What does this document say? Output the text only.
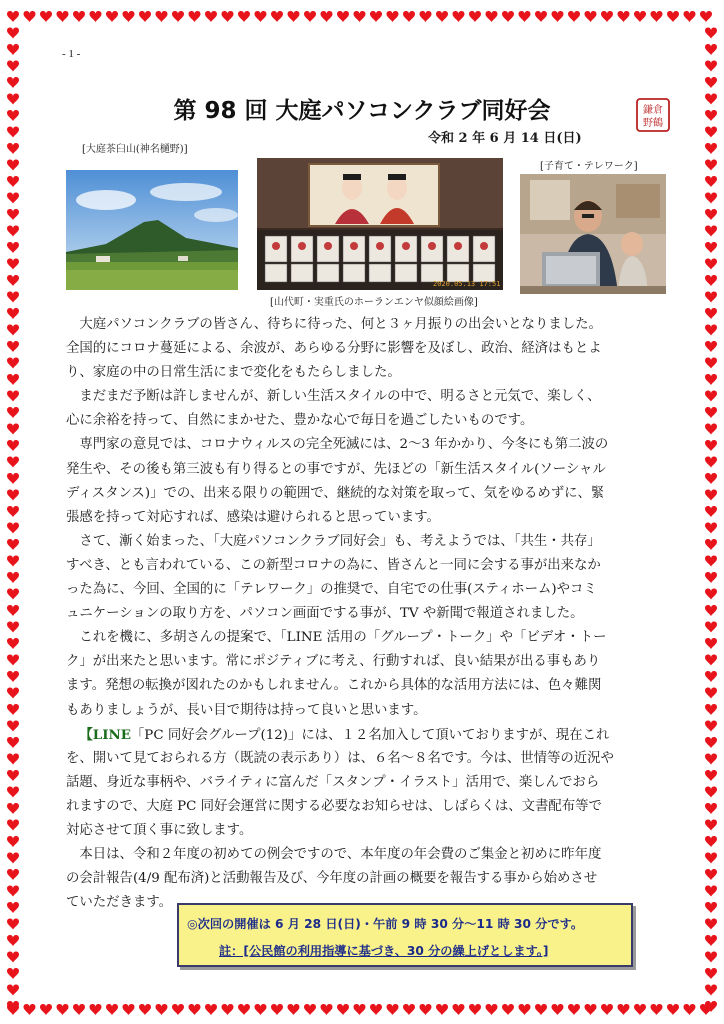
- 1 -
第 98 回 大庭パソコンクラブ同好会	鎌倉
野鶴
令和 2 年 6 月 14 日(日)
[大庭茶臼山(神名樋野)]
[子育て・テレワーク]
[山代町・実重氏のホーランエンヤ似顔絵画像]
2020.05.13 17:51
大庭パソコンクラブの皆さん、待ちに待った、何と３ヶ月振りの出会いとなりました。
全国的にコロナ蔓延による、余波が、あらゆる分野に影響を及ぼし、政治、経済はもとよ
り、家庭の中の日常生活にまで変化をもたらしました。
まだまだ予断は許しませんが、新しい生活スタイルの中で、明るさと元気で、楽しく、
心に余裕を持って、自然にまかせた、豊かな心で毎日を過ごしたいものです。
専門家の意見では、コロナウィルスの完全死滅には、2～3 年かかり、今冬にも第二波の
発生や、その後も第三波も有り得るとの事ですが、先ほどの「新生活スタイル(ソーシャル
ディスタンス)」での、出来る限りの範囲で、継続的な対策を取って、気をゆるめずに、緊
張感を持って対応すれば、感染は避けられると思っています。
さて、漸く始まった、「大庭パソコンクラブ同好会」も、考えようでは、「共生・共存」
すべき、とも言われている、この新型コロナの為に、皆さんと一同に会する事が出来なか
った為に、今回、全国的に「テレワーク」の推奨で、自宅での仕事(スティホーム)やコミ
ュニケーションの取り方を、パソコン画面でする事が、TV や新聞で報道されました。
これを機に、多胡さんの提案で、「LINE 活用の「グループ・トーク」や「ビデオ・トー
ク」が出来たと思います。常にポジティブに考え、行動すれば、良い結果が出る事もあり
ます。発想の転換が図れたのかもしれません。これから具体的な活用方法には、色々難関
もありましょうが、長い目で期待は持って良いと思います。
【LINE「PC 同好会グループ(12)」には、１２名加入して頂いておりますが、現在これ
を、開いて見ておられる方（既読の表示あり）は、６名～８名です。今は、世情等の近況や
話題、身近な事柄や、バライティに富んだ「スタンプ・イラスト」活用で、楽しんでおら
れますので、大庭 PC 同好会運営に関する必要なお知らせは、しばらくは、文書配布等で
対応させて頂く事に致します。
本日は、令和２年度の初めての例会ですので、本年度の年会費のご集金と初めに昨年度
の会計報告(4/9 配布済)と活動報告及び、今年度の計画の概要を報告する事から始めさせ
ていただきます。
◎次回の開催は 6 月 28 日(日)・午前 9 時 30 分～11 時 30 分です。
註：[公民館の利用指導に基づき、30 分の繰上げとします。]
